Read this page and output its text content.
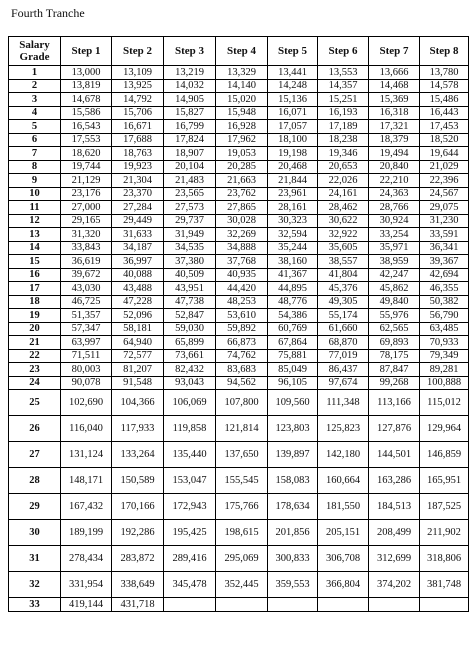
Fourth Tranche
Salary Grade	Step 1	Step 2	Step 3	Step 4	Step 5	Step 6	Step 7	Step 8
1	13,000	13,109	13,219	13,329	13,441	13,553	13,666	13,780
2	13,819	13,925	14,032	14,140	14,248	14,357	14,468	14,578
3	14,678	14,792	14,905	15,020	15,136	15,251	15,369	15,486
4	15,586	15,706	15,827	15,948	16,071	16,193	16,318	16,443
5	16,543	16,671	16,799	16,928	17,057	17,189	17,321	17,453
6	17,553	17,688	17,824	17,962	18,100	18,238	18,379	18,520
7	18,620	18,763	18,907	19,053	19,198	19,346	19,494	19,644
8	19,744	19,923	20,104	20,285	20,468	20,653	20,840	21,029
9	21,129	21,304	21,483	21,663	21,844	22,026	22,210	22,396
10	23,176	23,370	23,565	23,762	23,961	24,161	24,363	24,567
11	27,000	27,284	27,573	27,865	28,161	28,462	28,766	29,075
12	29,165	29,449	29,737	30,028	30,323	30,622	30,924	31,230
13	31,320	31,633	31,949	32,269	32,594	32,922	33,254	33,591
14	33,843	34,187	34,535	34,888	35,244	35,605	35,971	36,341
15	36,619	36,997	37,380	37,768	38,160	38,557	38,959	39,367
16	39,672	40,088	40,509	40,935	41,367	41,804	42,247	42,694
17	43,030	43,488	43,951	44,420	44,895	45,376	45,862	46,355
18	46,725	47,228	47,738	48,253	48,776	49,305	49,840	50,382
19	51,357	52,096	52,847	53,610	54,386	55,174	55,976	56,790
20	57,347	58,181	59,030	59,892	60,769	61,660	62,565	63,485
21	63,997	64,940	65,899	66,873	67,864	68,870	69,893	70,933
22	71,511	72,577	73,661	74,762	75,881	77,019	78,175	79,349
23	80,003	81,207	82,432	83,683	85,049	86,437	87,847	89,281
24	90,078	91,548	93,043	94,562	96,105	97,674	99,268	100,888
25	102,690	104,366	106,069	107,800	109,560	111,348	113,166	115,012
26	116,040	117,933	119,858	121,814	123,803	125,823	127,876	129,964
27	131,124	133,264	135,440	137,650	139,897	142,180	144,501	146,859
28	148,171	150,589	153,047	155,545	158,083	160,664	163,286	165,951
29	167,432	170,166	172,943	175,766	178,634	181,550	184,513	187,525
30	189,199	192,286	195,425	198,615	201,856	205,151	208,499	211,902
31	278,434	283,872	289,416	295,069	300,833	306,708	312,699	318,806
32	331,954	338,649	345,478	352,445	359,553	366,804	374,202	381,748
33	419,144	431,718						
